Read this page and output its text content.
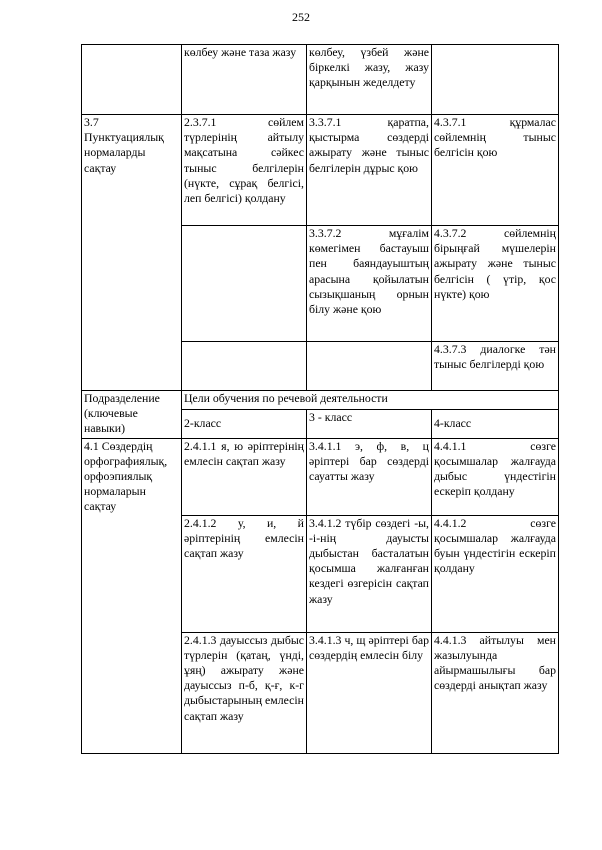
252
	көлбеу және таза жазу	көлбеу, үзбей және біркелкі жазу, жазу қарқынын жеделдету	
3.7 Пунктуациялық нормаларды сақтау	2.3.7.1 сөйлем түрлерінің айтылу мақсатына сәйкес тыныс белгілерін (нүкте, сұрақ белгісі, леп белгісі) қолдану	3.3.7.1 қаратпа, қыстырма сөздерді ажырату және тыныс белгілерін дұрыс қою	4.3.7.1 құрмалас сөйлемнің тыныс белгісін қою
		3.3.7.2 мұғалім көмегімен бастауыш пен баяндауыштың арасына қойылатын сызықшаның орнын білу және қою	4.3.7.2 сөйлемнің бірыңғай мүшелерін ажырату және тыныс белгісін ( үтір, қос нүкте) қою
			4.3.7.3 диалогке тән тыныс белгілерді қою
Подразделение (ключевые навыки)	Цели обучения по речевой деятельности		
	2-класс	3 - класс	4-класс
4.1 Сөздердің орфографиялық, орфоэпиялық нормаларын сақтау	2.4.1.1 я, ю әріптерінің емлесін сақтап жазу	3.4.1.1 э, ф, в, ц әріптері бар сөздерді сауатты жазу	4.4.1.1 сөзге қосымшалар жалғауда дыбыс үндестігін ескеріп қолдану
	2.4.1.2 у, и, й әріптерінің емлесін сақтап жазу	3.4.1.2 түбір сөздегі -ы, -і-нің дауысты дыбыстан басталатын қосымша жалғанған кездегі өзгерісін сақтап жазу	4.4.1.2 сөзге қосымшалар жалғауда буын үндестігін ескеріп қолдану
	2.4.1.3 дауыссыз дыбыс түрлерін (қатаң, үнді, ұяң) ажырату және дауыссыз п-б, қ-ғ, к-г дыбыстарының емлесін сақтап жазу	3.4.1.3 ч, щ әріптері бар сөздердің емлесін білу	4.4.1.3 айтылуы мен жазылуында айырмашылығы бар сөздерді анықтап жазу
